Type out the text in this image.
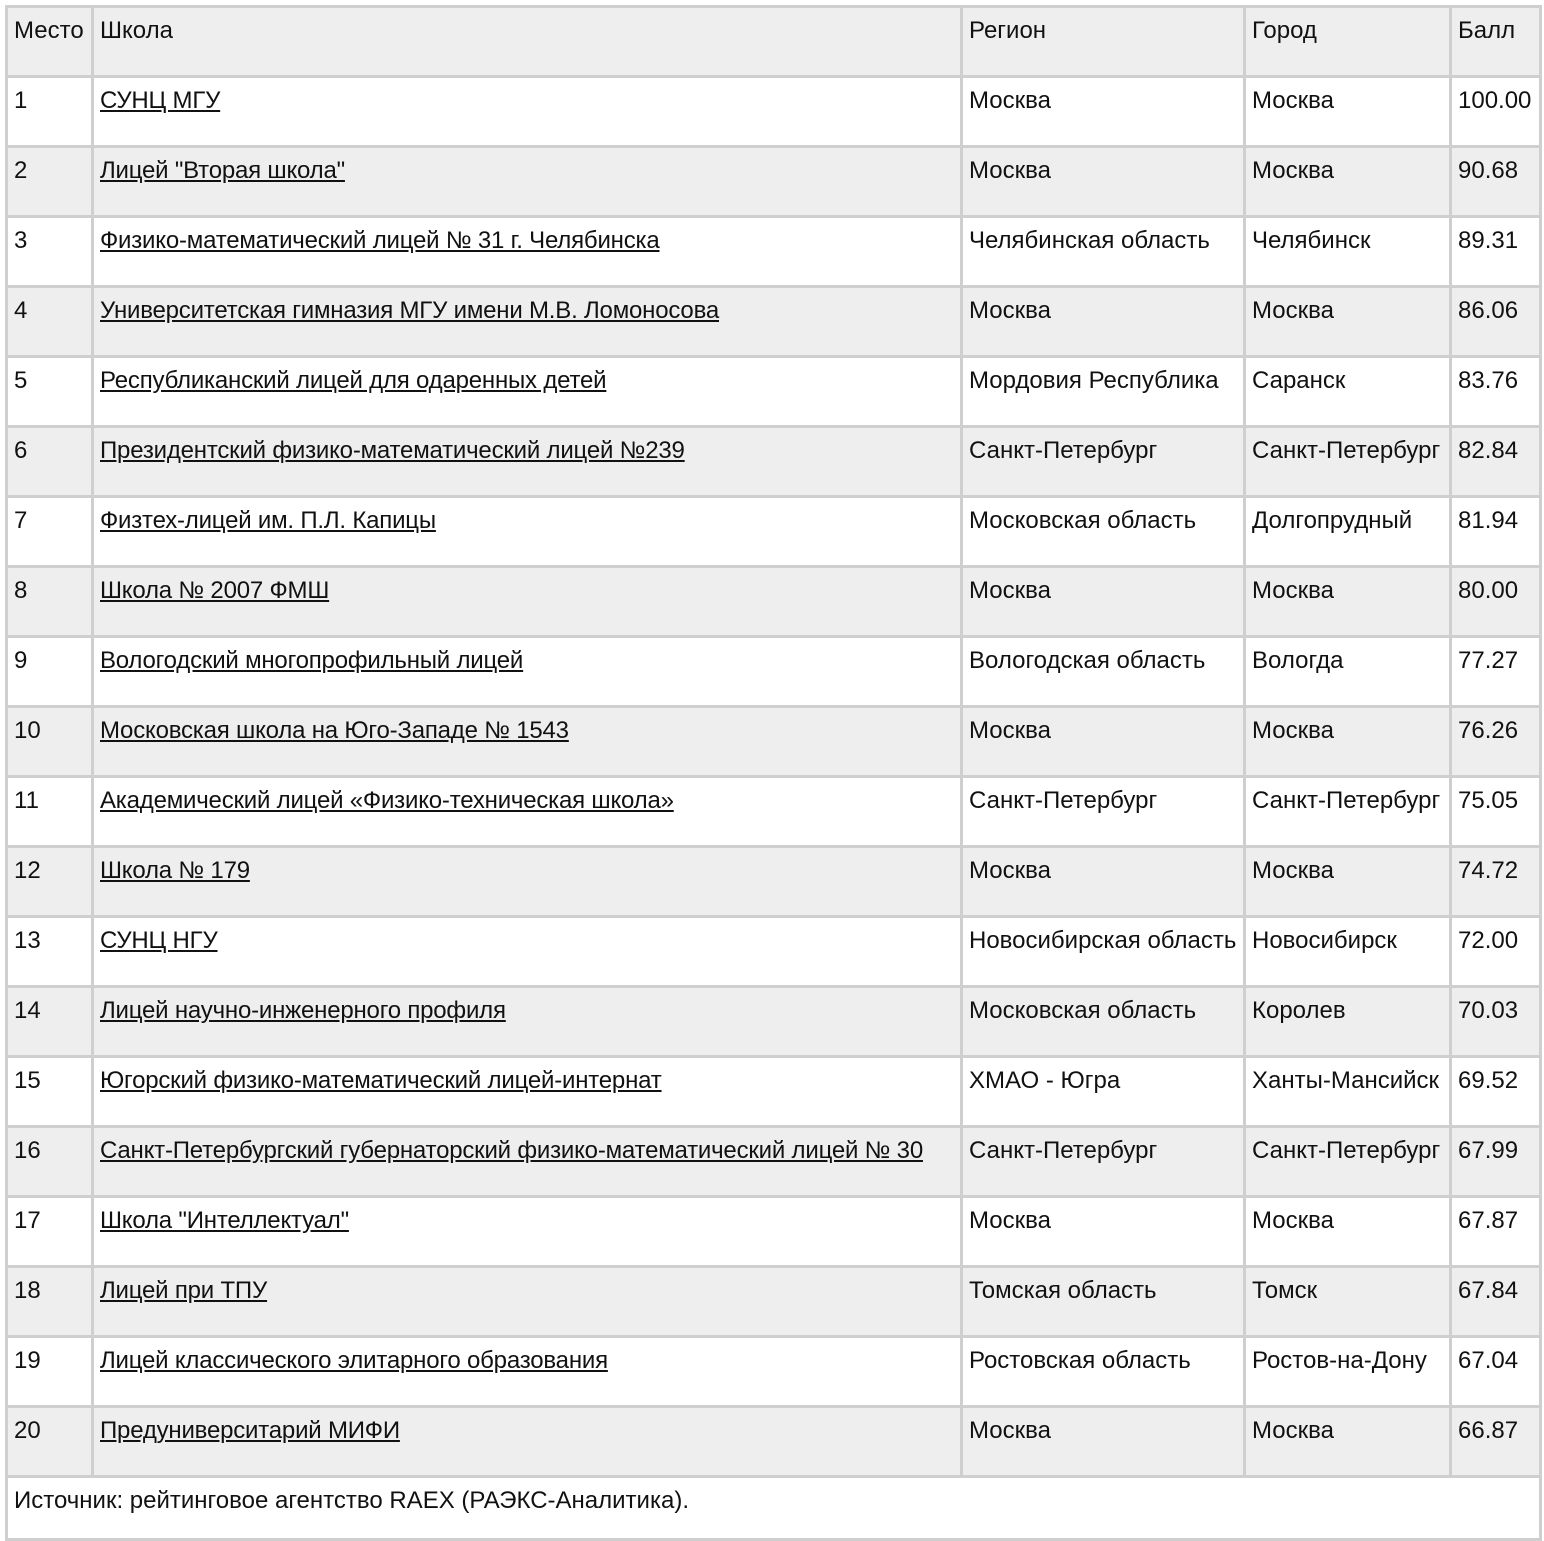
Место	Школа	Регион	Город	Балл
1	СУНЦ МГУ	Москва	Москва	100.00
2	Лицей "Вторая школа"	Москва	Москва	90.68
3	Физико-математический лицей № 31 г. Челябинска	Челябинская область	Челябинск	89.31
4	Университетская гимназия МГУ имени М.В. Ломоносова	Москва	Москва	86.06
5	Республиканский лицей для одаренных детей	Мордовия Республика	Саранск	83.76
6	Президентский физико-математический лицей №239	Санкт-Петербург	Санкт-Петербург	82.84
7	Физтех-лицей им. П.Л. Капицы	Московская область	Долгопрудный	81.94
8	Школа № 2007 ФМШ	Москва	Москва	80.00
9	Вологодский многопрофильный лицей	Вологодская область	Вологда	77.27
10	Московская школа на Юго-Западе № 1543	Москва	Москва	76.26
11	Академический лицей «Физико-техническая школа»	Санкт-Петербург	Санкт-Петербург	75.05
12	Школа № 179	Москва	Москва	74.72
13	СУНЦ НГУ	Новосибирская область	Новосибирск	72.00
14	Лицей научно-инженерного профиля	Московская область	Королев	70.03
15	Югорский физико-математический лицей-интернат	ХМАО - Югра	Ханты-Мансийск	69.52
16	Санкт-Петербургский губернаторский физико-математический лицей № 30	Санкт-Петербург	Санкт-Петербург	67.99
17	Школа "Интеллектуал"	Москва	Москва	67.87
18	Лицей при ТПУ	Томская область	Томск	67.84
19	Лицей классического элитарного образования	Ростовская область	Ростов-на-Дону	67.04
20	Предуниверситарий МИФИ	Москва	Москва	66.87
Источник: рейтинговое агентство RAEX (РАЭКС-Аналитика).				
